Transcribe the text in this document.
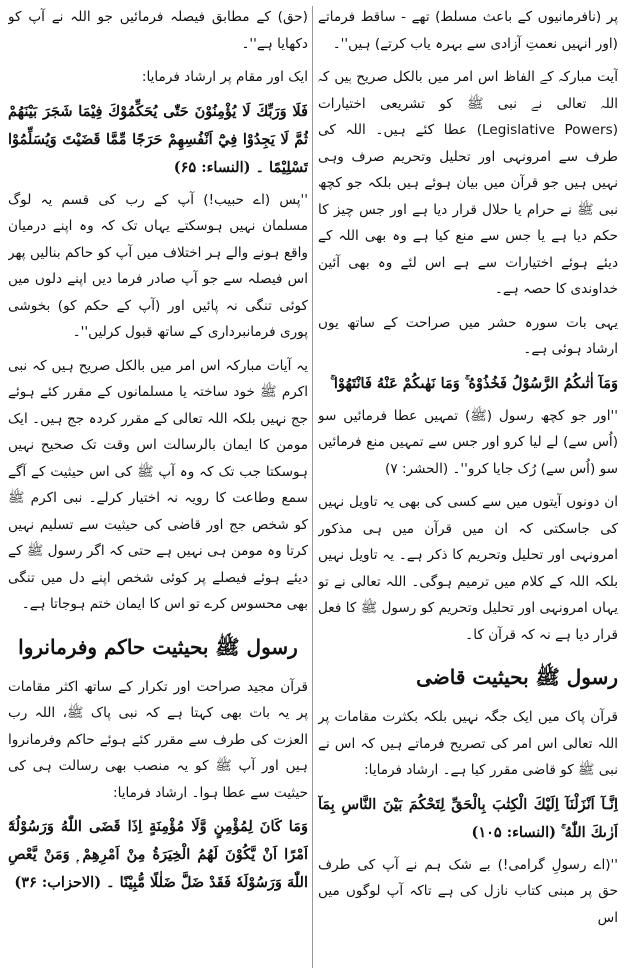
پر (نافرمانیوں کے باعث مسلط) تھے - ساقط فرماتے (اور انہیں نعمتِ آزادی سے بہرہ یاب کرتے) ہیں''۔

آیت مبارکہ کے الفاظ اس امر میں بالکل صریح ہیں کہ اللہ تعالی نے نبی ﷺ کو تشریعی اختیارات (Legislative Powers) عطا کئے ہیں۔ اللہ کی طرف سے امرونہی اور تحلیل وتحریم صرف وہی نہیں ہیں جو قرآن میں بیان ہوئے ہیں بلکہ جو کچھ نبی ﷺ نے حرام یا حلال قرار دیا ہے اور جس چیز کا حکم دیا ہے یا جس سے منع کیا ہے وہ بھی اللہ کے دیئے ہوئے اختیارات سے ہے اس لئے وہ بھی آئین خداوندی کا حصہ ہے۔

یہی بات سورہ حشر میں صراحت کے ساتھ یوں ارشاد ہوئی ہے۔

وَمَآ اٰتٰىكُمُ الرَّسُوْلُ فَخُذُوْهُ ۚ وَمَا نَهٰىكُمْ عَنْهُ فَانْتَهُوْا ۚ

''اور جو کچھ رسول (ﷺ) تمہیں عطا فرمائیں سو (اُس سے) لے لیا کرو اور جس سے تمہیں منع فرمائیں سو (اُس سے) رُک جایا کرو''۔ (الحشر: ۷)

ان دونوں آیتوں میں سے کسی کی بھی یہ تاویل نہیں کی جاسکتی کہ ان میں قرآن میں ہی مذکور امرونہی اور تحلیل وتحریم کا ذکر ہے۔ یہ تاویل نہیں بلکہ اللہ کے کلام میں ترمیم ہوگی۔ اللہ تعالی نے تو یہاں امرونہی اور تحلیل وتحریم کو رسول ﷺ کا فعل قرار دیا ہے نہ کہ قرآن کا۔

رسول ﷺ بحیثیت قاضی

قرآن پاک میں ایک جگہ نہیں بلکہ بکثرت مقامات پر اللہ تعالی اس امر کی تصریح فرماتے ہیں کہ اس نے نبی ﷺ کو قاضی مقرر کیا ہے۔ ارشاد فرمایا:

اِنَّـآ اَنْزَلْنَآ اِلَيْكَ الْكِتٰبَ بِالْحَقِّ لِتَحْكُمَ بَيْنَ النَّاسِ بِمَآ اَرٰىكَ اللّٰهُ ۚ (النساء: ۱۰۵)

''(اے رسولِ گرامی!) بے شک ہم نے آپ کی طرف حق پر مبنی کتاب نازل کی ہے تاکہ آپ لوگوں میں اس

(حق) کے مطابق فیصلہ فرمائیں جو اللہ نے آپ کو دکھایا ہے''۔

ایک اور مقام پر ارشاد فرمایا:

فَلَا وَرَبِّكَ لَا يُؤْمِنُوْنَ حَتّٰى يُحَكِّمُوْكَ فِيْمَا شَجَرَ بَيْنَهُمْ ثُمَّ لَا يَجِدُوْا فِيْٓ اَنْفُسِهِمْ حَرَجًا مِّمَّا قَضَيْتَ وَيُسَلِّمُوْا تَسْلِيْمًا ۔ (النساء: ۶۵)

''پس (اے حبیب!) آپ کے رب کی قسم یہ لوگ مسلمان نہیں ہوسکتے یہاں تک کہ وہ اپنے درمیان واقع ہونے والے ہر اختلاف میں آپ کو حاکم بنالیں پھر اس فیصلہ سے جو آپ صادر فرما دیں اپنے دلوں میں کوئی تنگی نہ پائیں اور (آپ کے حکم کو) بخوشی پوری فرمانبرداری کے ساتھ قبول کرلیں''۔

یہ آیات مبارکہ اس امر میں بالکل صریح ہیں کہ نبی اکرم ﷺ خود ساختہ یا مسلمانوں کے مقرر کئے ہوئے جج نہیں بلکہ اللہ تعالی کے مقرر کردہ جج ہیں۔ ایک مومن کا ایمان بالرسالت اس وقت تک صحیح نہیں ہوسکتا جب تک کہ وہ آپ ﷺ کی اس حیثیت کے آگے سمع وطاعت کا رویہ نہ اختیار کرلے۔ نبی اکرم ﷺ کو شخص جج اور قاضی کی حیثیت سے تسلیم نہیں کرتا وہ مومن ہی نہیں ہے حتی کہ اگر رسول ﷺ کے دیئے ہوئے فیصلے پر کوئی شخص اپنے دل میں تنگی بھی محسوس کرے تو اس کا ایمان ختم ہوجاتا ہے۔

رسول ﷺ بحیثیت حاکم وفرمانروا

قرآن مجید صراحت اور تکرار کے ساتھ اکثر مقامات پر یہ بات بھی کہتا ہے کہ نبی پاک ﷺ، اللہ رب العزت کی طرف سے مقرر کئے ہوئے حاکم وفرمانروا ہیں اور آپ ﷺ کو یہ منصب بھی رسالت ہی کی حیثیت سے عطا ہوا۔ ارشاد فرمایا:

وَمَا كَانَ لِمُؤْمِنٍ وَّلَا مُؤْمِنَةٍ اِذَا قَضَى اللّٰهُ وَرَسُوْلُهٗٓ اَمْرًا اَنْ يَّكُوْنَ لَهُمُ الْخِيَرَةُ مِنْ اَمْرِهِمْ ۭ وَمَنْ يَّعْصِ اللّٰهَ وَرَسُوْلَهٗ فَقَدْ ضَلَّ ضَلٰلًا مُّبِيْنًا ۔ (الاحزاب: ۳۶)
